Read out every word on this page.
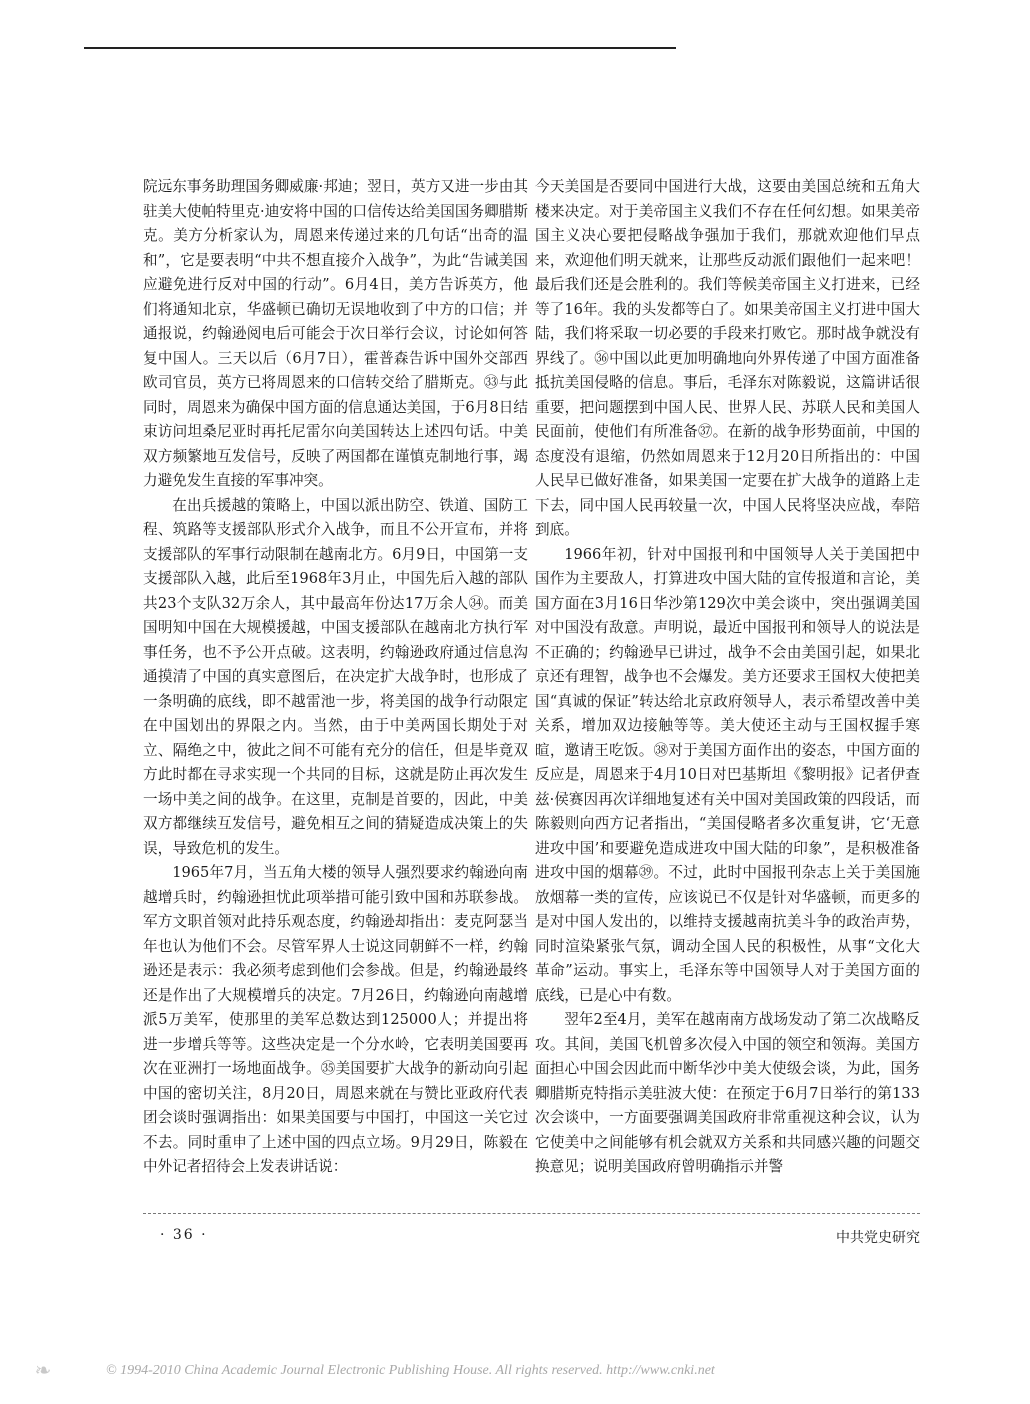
院远东事务助理国务卿威廉·邦迪；翌日，英方又进一步由其驻美大使帕特里克·迪安将中国的口信传达给美国国务卿腊斯克。美方分析家认为，周恩来传递过来的几句话“出奇的温和”，它是要表明“中共不想直接介入战争”，为此“告诫美国应避免进行反对中国的行动”。6月4日，美方告诉英方，他们将通知北京，华盛顿已确切无误地收到了中方的口信；并通报说，约翰逊阅电后可能会于次日举行会议，讨论如何答复中国人。三天以后（6月7日），霍普森告诉中国外交部西欧司官员，英方已将周恩来的口信转交给了腊斯克。㉝与此同时，周恩来为确保中国方面的信息通达美国，于6月8日结束访问坦桑尼亚时再托尼雷尔向美国转达上述四句话。中美双方频繁地互发信号，反映了两国都在谨慎克制地行事，竭力避免发生直接的军事冲突。

在出兵援越的策略上，中国以派出防空、铁道、国防工程、筑路等支援部队形式介入战争，而且不公开宣布，并将支援部队的军事行动限制在越南北方。6月9日，中国第一支支援部队入越，此后至1968年3月止，中国先后入越的部队共23个支队32万余人，其中最高年份达17万余人㉞。而美国明知中国在大规模援越，中国支援部队在越南北方执行军事任务，也不予公开点破。这表明，约翰逊政府通过信息沟通摸清了中国的真实意图后，在决定扩大战争时，也形成了一条明确的底线，即不越雷池一步，将美国的战争行动限定在中国划出的界限之内。当然，由于中美两国长期处于对立、隔绝之中，彼此之间不可能有充分的信任，但是毕竟双方此时都在寻求实现一个共同的目标，这就是防止再次发生一场中美之间的战争。在这里，克制是首要的，因此，中美双方都继续互发信号，避免相互之间的猜疑造成决策上的失误，导致危机的发生。

1965年7月，当五角大楼的领导人强烈要求约翰逊向南越增兵时，约翰逊担忧此项举措可能引致中国和苏联参战。军方文职首领对此持乐观态度，约翰逊却指出：麦克阿瑟当年也认为他们不会。尽管军界人士说这同朝鲜不一样，约翰逊还是表示：我必须考虑到他们会参战。但是，约翰逊最终还是作出了大规模增兵的决定。7月26日，约翰逊向南越增派5万美军，使那里的美军总数达到125000人；并提出将进一步增兵等等。这些决定是一个分水岭，它表明美国要再次在亚洲打一场地面战争。㉟美国要扩大战争的新动向引起中国的密切关注，8月20日，周恩来就在与赞比亚政府代表团会谈时强调指出：如果美国要与中国打，中国这一关它过不去。同时重申了上述中国的四点立场。9月29日，陈毅在中外记者招待会上发表讲话说：

今天美国是否要同中国进行大战，这要由美国总统和五角大楼来决定。对于美帝国主义我们不存在任何幻想。如果美帝国主义决心要把侵略战争强加于我们，那就欢迎他们早点来，欢迎他们明天就来，让那些反动派们跟他们一起来吧！最后我们还是会胜利的。我们等候美帝国主义打进来，已经等了16年。我的头发都等白了。如果美帝国主义打进中国大陆，我们将采取一切必要的手段来打败它。那时战争就没有界线了。㊱中国以此更加明确地向外界传递了中国方面准备抵抗美国侵略的信息。事后，毛泽东对陈毅说，这篇讲话很重要，把问题摆到中国人民、世界人民、苏联人民和美国人民面前，使他们有所准备㊲。在新的战争形势面前，中国的态度没有退缩，仍然如周恩来于12月20日所指出的：中国人民早已做好准备，如果美国一定要在扩大战争的道路上走下去，同中国人民再较量一次，中国人民将坚决应战，奉陪到底。

1966年初，针对中国报刊和中国领导人关于美国把中国作为主要敌人，打算进攻中国大陆的宣传报道和言论，美国方面在3月16日华沙第129次中美会谈中，突出强调美国对中国没有敌意。声明说，最近中国报刊和领导人的说法是不正确的；约翰逊早已讲过，战争不会由美国引起，如果北京还有理智，战争也不会爆发。美方还要求王国权大使把美国“真诚的保证”转达给北京政府领导人，表示希望改善中美关系，增加双边接触等等。美大使还主动与王国权握手寒暄，邀请王吃饭。㊳对于美国方面作出的姿态，中国方面的反应是，周恩来于4月10日对巴基斯坦《黎明报》记者伊查兹·侯赛因再次详细地复述有关中国对美国政策的四段话，而陈毅则向西方记者指出，“美国侵略者多次重复讲，它‘无意进攻中国’和要避免造成进攻中国大陆的印象”，是积极准备进攻中国的烟幕㊴。不过，此时中国报刊杂志上关于美国施放烟幕一类的宣传，应该说已不仅是针对华盛顿，而更多的是对中国人发出的，以维持支援越南抗美斗争的政治声势，同时渲染紧张气氛，调动全国人民的积极性，从事“文化大革命”运动。事实上，毛泽东等中国领导人对于美国方面的底线，已是心中有数。

翌年2至4月，美军在越南南方战场发动了第二次战略反攻。其间，美国飞机曾多次侵入中国的领空和领海。美国方面担心中国会因此而中断华沙中美大使级会谈，为此，国务卿腊斯克特指示美驻波大使：在预定于6月7日举行的第133次会谈中，一方面要强调美国政府非常重视这种会议，认为它使美中之间能够有机会就双方关系和共同感兴趣的问题交换意见；说明美国政府曾明确指示并警

· 36 ·	中共党史研究
❧	© 1994-2010 China Academic Journal Electronic Publishing House. All rights reserved. http://www.cnki.net
